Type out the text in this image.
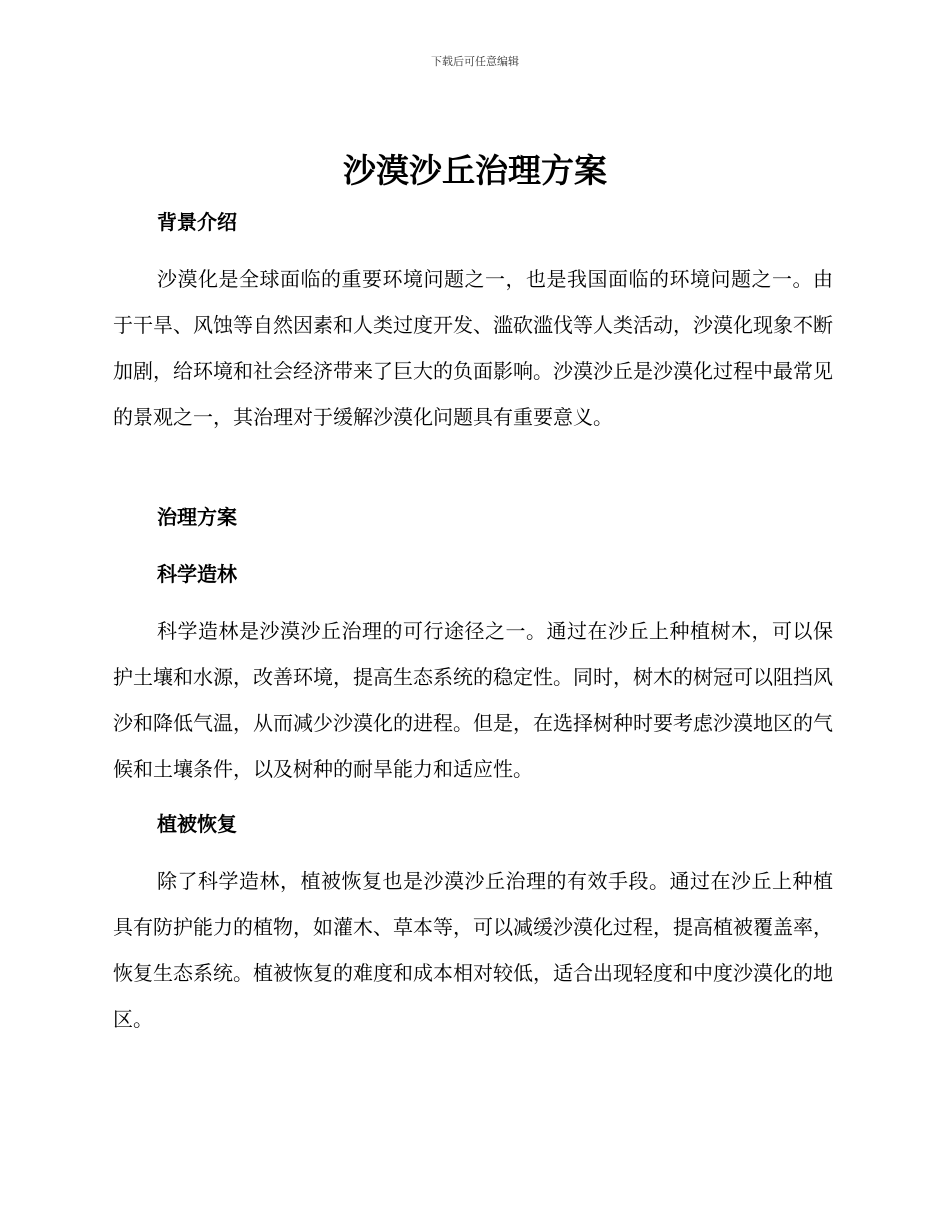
下载后可任意编辑
沙漠沙丘治理方案
背景介绍

沙漠化是全球面临的重要环境问题之一，也是我国面临的环境问题之一。由于干旱、风蚀等自然因素和人类过度开发、滥砍滥伐等人类活动，沙漠化现象不断加剧，给环境和社会经济带来了巨大的负面影响。沙漠沙丘是沙漠化过程中最常见的景观之一，其治理对于缓解沙漠化问题具有重要意义。

治理方案
科学造林

科学造林是沙漠沙丘治理的可行途径之一。通过在沙丘上种植树木，可以保护土壤和水源，改善环境，提高生态系统的稳定性。同时，树木的树冠可以阻挡风沙和降低气温，从而减少沙漠化的进程。但是，在选择树种时要考虑沙漠地区的气候和土壤条件，以及树种的耐旱能力和适应性。

植被恢复

除了科学造林，植被恢复也是沙漠沙丘治理的有效手段。通过在沙丘上种植具有防护能力的植物，如灌木、草本等，可以减缓沙漠化过程，提高植被覆盖率，恢复生态系统。植被恢复的难度和成本相对较低，适合出现轻度和中度沙漠化的地区。
